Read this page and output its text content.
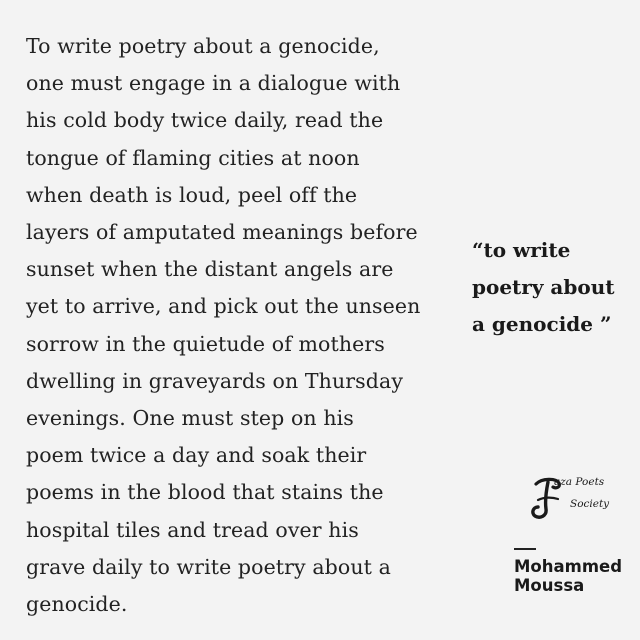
To write poetry about a genocide,
one must engage in a dialogue with
his cold body twice daily, read the
tongue of flaming cities at noon
when death is loud, peel off the
layers of amputated meanings before
sunset when the distant angels are
yet to arrive, and pick out the unseen
sorrow in the quietude of mothers
dwelling in graveyards on Thursday
evenings. One must step on his
poem twice a day and soak their
poems in the blood that stains the
hospital tiles and tread over his
grave daily to write poetry about a
genocide.
“to write
poetry about
a genocide ”
aza Poets
Society
Mohammed
Moussa
